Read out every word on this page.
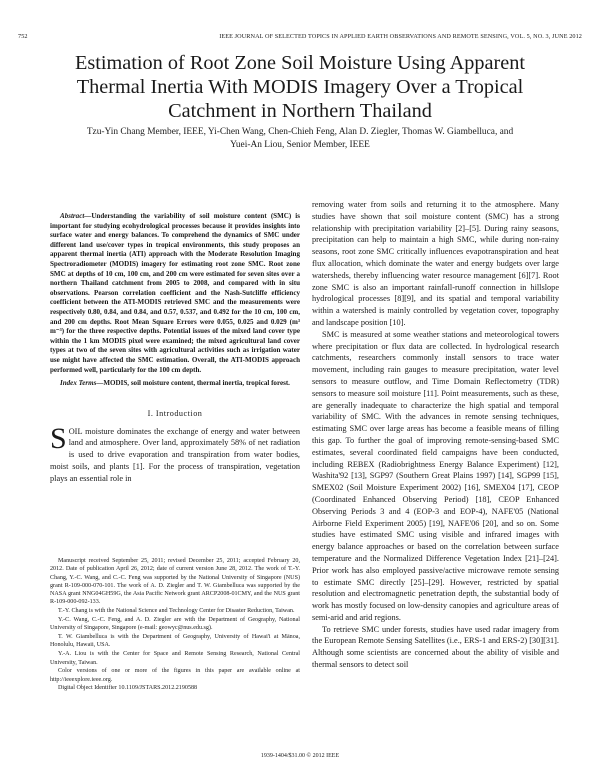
752	IEEE JOURNAL OF SELECTED TOPICS IN APPLIED EARTH OBSERVATIONS AND REMOTE SENSING, VOL. 5, NO. 3, JUNE 2012
Estimation of Root Zone Soil Moisture Using Apparent Thermal Inertia With MODIS Imagery Over a Tropical Catchment in Northern Thailand
Tzu-Yin Chang Member, IEEE, Yi-Chen Wang, Chen-Chieh Feng, Alan D. Ziegler, Thomas W. Giambelluca, and
Yuei-An Liou, Senior Member, IEEE

Abstract—Understanding the variability of soil moisture content (SMC) is important for studying ecohydrological processes because it provides insights into surface water and energy balances. To comprehend the dynamics of SMC under different land use/cover types in tropical environments, this study proposes an apparent thermal inertia (ATI) approach with the Moderate Resolution Imaging Spectroradiometer (MODIS) imagery for estimating root zone SMC. Root zone SMC at depths of 10 cm, 100 cm, and 200 cm were estimated for seven sites over a northern Thailand catchment from 2005 to 2008, and compared with in situ observations. Pearson correlation coefficient and the Nash-Sutcliffe efficiency coefficient between the ATI-MODIS retrieved SMC and the measurements were respectively 0.80, 0.84, and 0.84, and 0.57, 0.537, and 0.492 for the 10 cm, 100 cm, and 200 cm depths. Root Mean Square Errors were 0.055, 0.025 and 0.029 (m³ m⁻³) for the three respective depths. Potential issues of the mixed land cover type within the 1 km MODIS pixel were examined; the mixed agricultural land cover types at two of the seven sites with agricultural activities such as irrigation water use might have affected the SMC estimation. Overall, the ATI-MODIS approach performed well, particularly for the 100 cm depth.

Index Terms—MODIS, soil moisture content, thermal inertia, tropical forest.

I. Introduction

SOIL moisture dominates the exchange of energy and water between land and atmosphere. Over land, approximately 58% of net radiation is used to drive evaporation and transpiration from water bodies, moist soils, and plants [1]. For the process of transpiration, vegetation plays an essential role in

Manuscript received September 25, 2011; revised December 25, 2011; accepted February 20, 2012. Date of publication April 26, 2012; date of current version June 28, 2012. The work of T.-Y. Chang, Y.-C. Wang, and C.-C. Feng was supported by the National University of Singapore (NUS) grant R-109-000-070-101. The work of A. D. Ziegler and T. W. Giambelluca was supported by the NASA grant NNG04GH59G, the Asia Pacific Network grant ARCP2008-01CMY, and the NUS grant R-109-000-092-133.

T.-Y. Chang is with the National Science and Technology Center for Disaster Reduction, Taiwan.

Y.-C. Wang, C.-C. Feng, and A. D. Ziegler are with the Department of Geography, National University of Singapore, Singapore (e-mail: geowyc@nus.edu.sg).

T. W. Giambelluca is with the Department of Geography, University of Hawai'i at Mānoa, Honolulu, Hawaii, USA.

Y.-A. Liou is with the Center for Space and Remote Sensing Research, National Central University, Taiwan.

Color versions of one or more of the figures in this paper are available online at http://ieeexplore.ieee.org.

Digital Object Identifier 10.1109/JSTARS.2012.2190588

removing water from soils and returning it to the atmosphere. Many studies have shown that soil moisture content (SMC) has a strong relationship with precipitation variability [2]–[5]. During rainy seasons, precipitation can help to maintain a high SMC, while during non-rainy seasons, root zone SMC critically influences evapotranspiration and heat flux allocation, which dominate the water and energy budgets over large watersheds, thereby influencing water resource management [6][7]. Root zone SMC is also an important rainfall-runoff connection in hillslope hydrological processes [8][9], and its spatial and temporal variability within a watershed is mainly controlled by vegetation cover, topography and landscape position [10].

SMC is measured at some weather stations and meteorological towers where precipitation or flux data are collected. In hydrological research catchments, researchers commonly install sensors to trace water movement, including rain gauges to measure precipitation, water level sensors to measure outflow, and Time Domain Reflectometry (TDR) sensors to measure soil moisture [11]. Point measurements, such as these, are generally inadequate to characterize the high spatial and temporal variability of SMC. With the advances in remote sensing techniques, estimating SMC over large areas has become a feasible means of filling this gap. To further the goal of improving remote-sensing-based SMC estimates, several coordinated field campaigns have been conducted, including REBEX (Radiobrightness Energy Balance Experiment) [12], Washita'92 [13], SGP97 (Southern Great Plains 1997) [14], SGP99 [15], SMEX02 (Soil Moisture Experiment 2002) [16], SMEX04 [17], CEOP (Coordinated Enhanced Observing Period) [18], CEOP Enhanced Observing Periods 3 and 4 (EOP-3 and EOP-4), NAFE'05 (National Airborne Field Experiment 2005) [19], NAFE'06 [20], and so on. Some studies have estimated SMC using visible and infrared images with energy balance approaches or based on the correlation between surface temperature and the Normalized Difference Vegetation Index [21]–[24]. Prior work has also employed passive/active microwave remote sensing to estimate SMC directly [25]–[29]. However, restricted by spatial resolution and electromagnetic penetration depth, the substantial body of work has mostly focused on low-density canopies and agriculture areas of semi-arid and arid regions.

To retrieve SMC under forests, studies have used radar imagery from the European Remote Sensing Satellites (i.e., ERS-1 and ERS-2) [30][31]. Although some scientists are concerned about the ability of visible and thermal sensors to detect soil

1939-1404/$31.00 © 2012 IEEE
